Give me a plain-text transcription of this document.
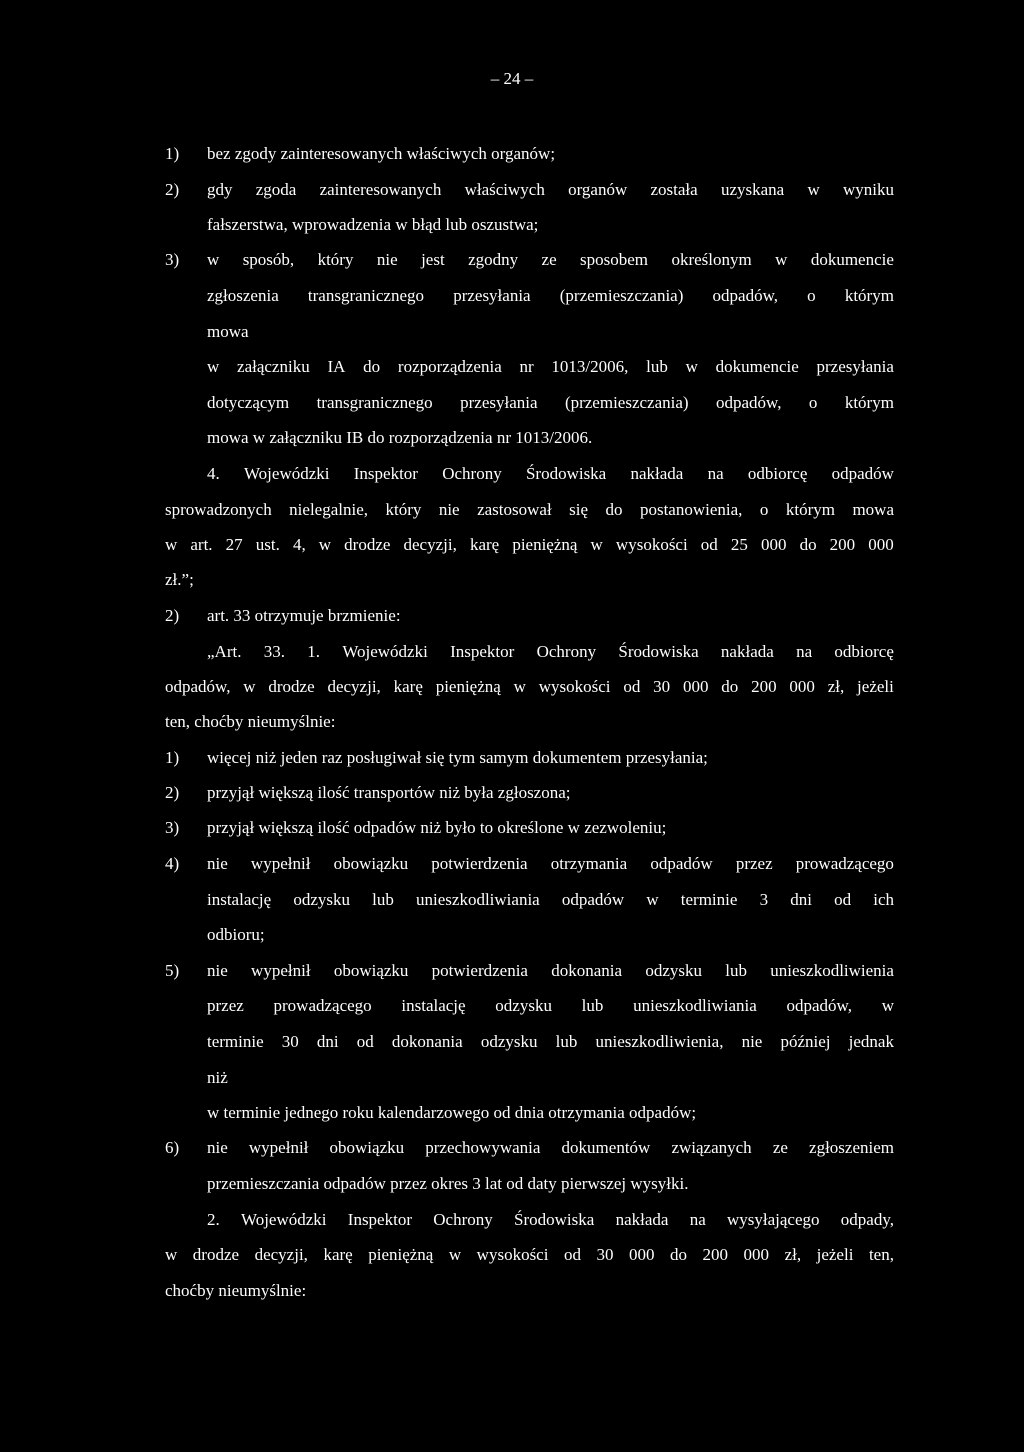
– 24 –
1) bez zgody zainteresowanych właściwych organów;
2) gdy zgoda zainteresowanych właściwych organów została uzyskana w wyniku
fałszerstwa, wprowadzenia w błąd lub oszustwa;
3) w sposób, który nie jest zgodny ze sposobem określonym w dokumencie
zgłoszenia transgranicznego przesyłania (przemieszczania) odpadów, o którym
mowa
w załączniku IA do rozporządzenia nr 1013/2006, lub w dokumencie przesyłania
dotyczącym transgranicznego przesyłania (przemieszczania) odpadów, o którym
mowa w załączniku IB do rozporządzenia nr 1013/2006.
4. Wojewódzki Inspektor Ochrony Środowiska nakłada na odbiorcę odpadów
sprowadzonych nielegalnie, który nie zastosował się do postanowienia, o którym mowa
w art. 27 ust. 4, w drodze decyzji, karę pieniężną w wysokości od 25 000 do 200 000
zł.”;
2) art. 33 otrzymuje brzmienie:
„Art. 33. 1. Wojewódzki Inspektor Ochrony Środowiska nakłada na odbiorcę
odpadów, w drodze decyzji, karę pieniężną w wysokości od 30 000 do 200 000 zł, jeżeli
ten, choćby nieumyślnie:
1) więcej niż jeden raz posługiwał się tym samym dokumentem przesyłania;
2) przyjął większą ilość transportów niż była zgłoszona;
3) przyjął większą ilość odpadów niż było to określone w zezwoleniu;
4) nie wypełnił obowiązku potwierdzenia otrzymania odpadów przez prowadzącego
instalację odzysku lub unieszkodliwiania odpadów w terminie 3 dni od ich
odbioru;
5) nie wypełnił obowiązku potwierdzenia dokonania odzysku lub unieszkodliwienia
przez prowadzącego instalację odzysku lub unieszkodliwiania odpadów, w
terminie 30 dni od dokonania odzysku lub unieszkodliwienia, nie później jednak
niż
w terminie jednego roku kalendarzowego od dnia otrzymania odpadów;
6) nie wypełnił obowiązku przechowywania dokumentów związanych ze zgłoszeniem
przemieszczania odpadów przez okres 3 lat od daty pierwszej wysyłki.
2. Wojewódzki Inspektor Ochrony Środowiska nakłada na wysyłającego odpady,
w drodze decyzji, karę pieniężną w wysokości od 30 000 do 200 000 zł, jeżeli ten,
choćby nieumyślnie:
